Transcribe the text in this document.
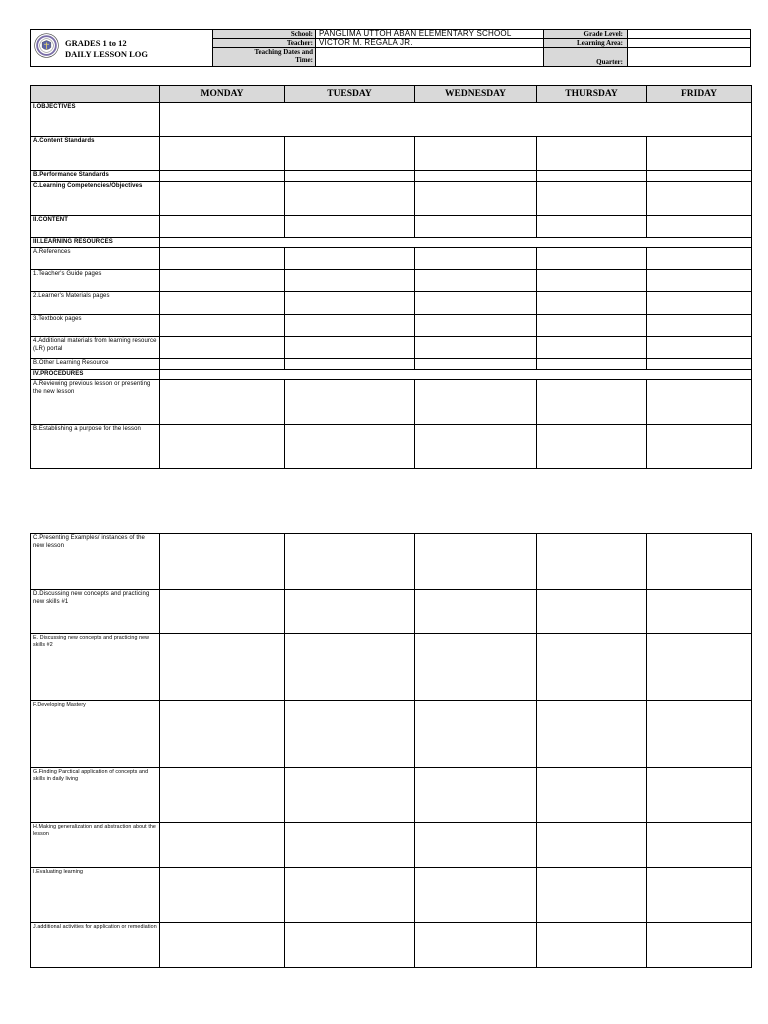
GRADES 1 to 12
DAILY LESSON LOG	School:	PANGLIMA UTTOH ABAN ELEMENTARY SCHOOL	Grade Level:	
	Teacher:	VICTOR M. REGALA JR.	Learning Area:	

	Teaching Dates and
Time:		Quarter:	
	MONDAY	TUESDAY	WEDNESDAY	THURSDAY	FRIDAY
I.OBJECTIVES					
A.Content Standards					
B.Performance Standards					
C.Learning Competencies/Objectives					
II.CONTENT					
III.LEARNING RESOURCES					
A.References					
1.Teacher's Guide pages					
2.Learner's Materials pages					
3.Textbook pages					
4.Additional materials from learning resource (LR) portal					
B.Other Learning Resource					
IV.PROCEDURES					
A.Reviewing previous lesson or presenting the new lesson					
B.Establishing a purpose for the lesson					
C.Presenting Examples/ instances of the new lesson					
D.Discussing new concepts and practicing new skills #1					
E. Discussing new concepts and practicing new skills #2					
F.Developing Mastery					
G.Finding Parctical application of concepts and skills in daily living					
H.Making generalization and abstraction about the lesson					
I.Evaluating learning					
J.additional activities for application or remediation					
